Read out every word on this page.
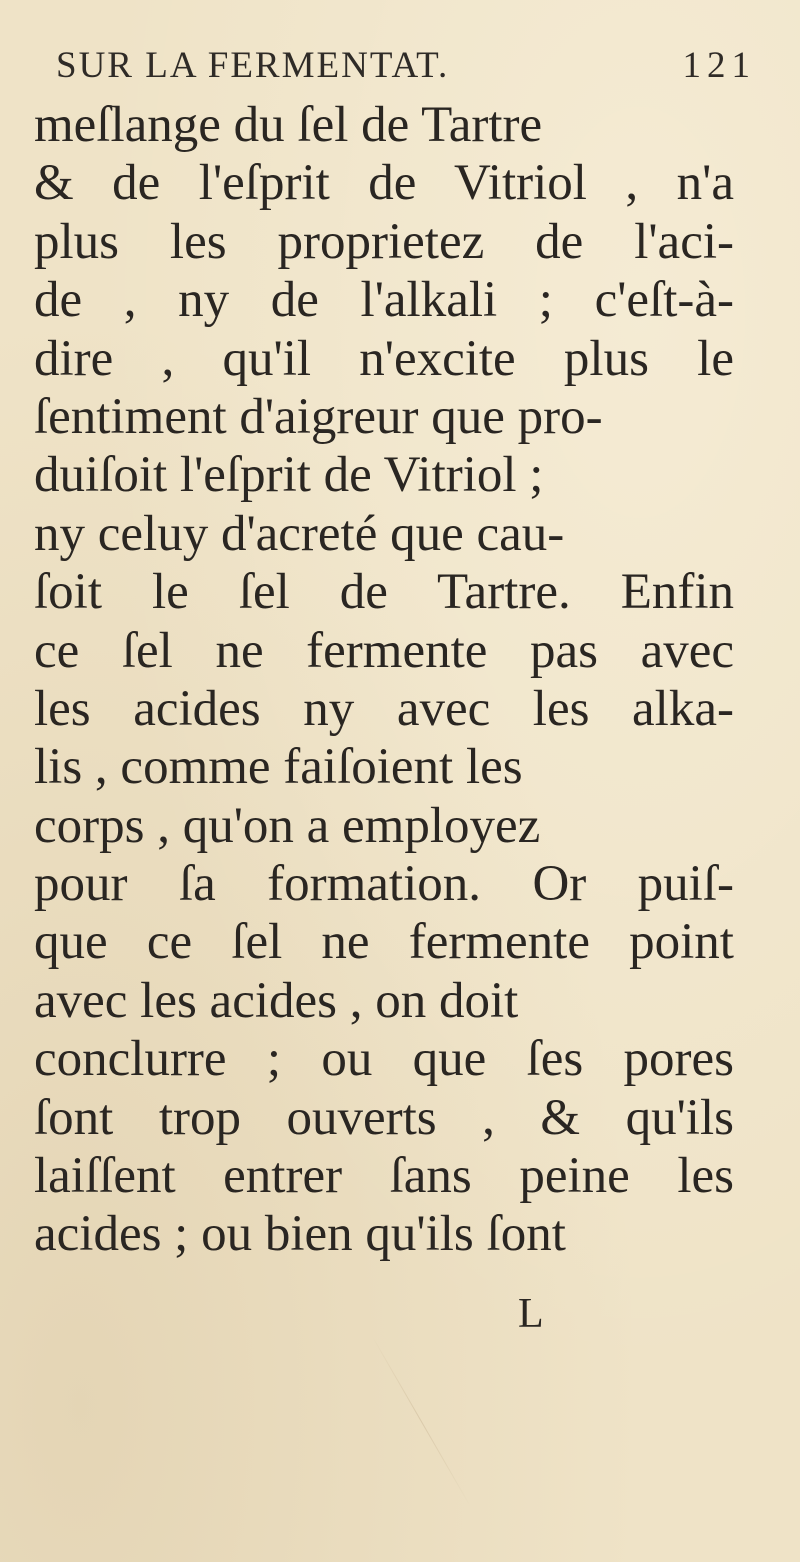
SUR LA FERMENTAT.	121
meſlange du ſel de Tartre
& de l'eſprit de Vitriol , n'a
plus les proprietez de l'aci-
de , ny de l'alkali ; c'eſt-à-
dire , qu'il n'excite plus le
ſentiment d'aigreur que pro-
duiſoit l'eſprit de Vitriol ;
ny celuy d'acreté que cau-
ſoit le ſel de Tartre. Enfin
ce ſel ne fermente pas avec
les acides ny avec les alka-
lis , comme faiſoient les
corps , qu'on a employez
pour ſa formation. Or puiſ-
que ce ſel ne fermente point
avec les acides , on doit
conclurre ; ou que ſes pores
ſont trop ouverts , & qu'ils
laiſſent entrer ſans peine les
acides ; ou bien qu'ils ſont
L
